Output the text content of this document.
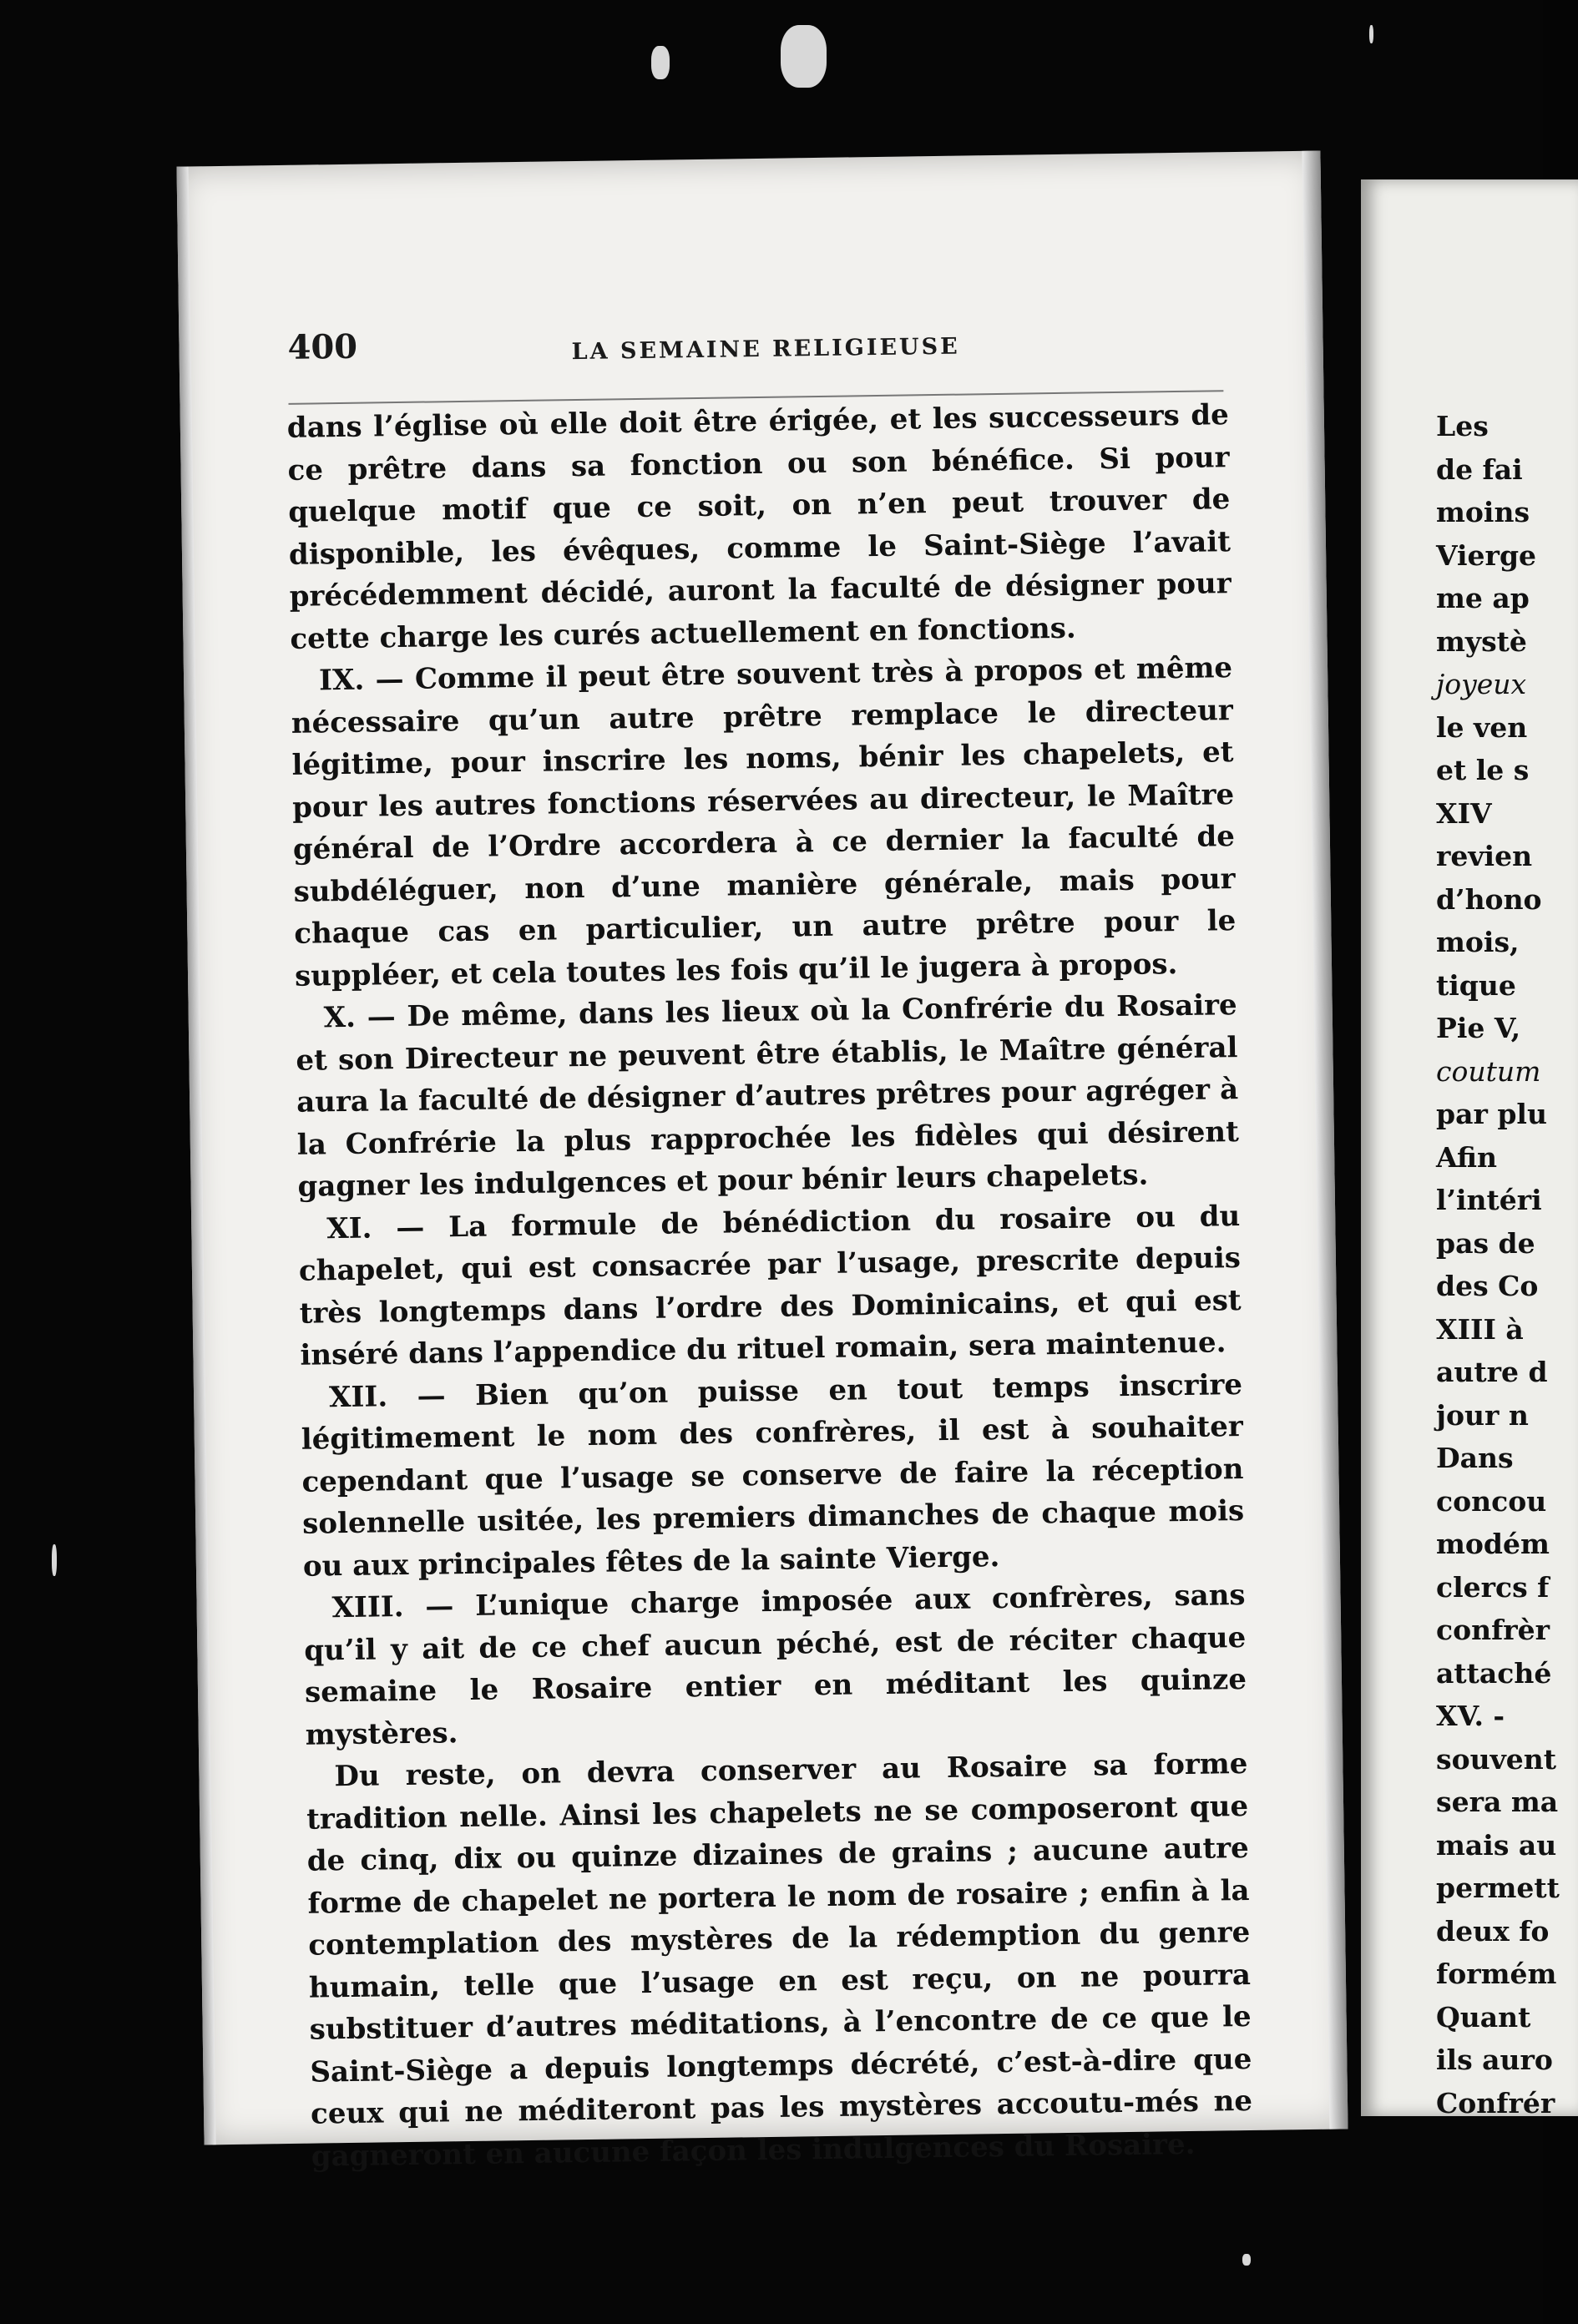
400	LA SEMAINE RELIGIEUSE

dans l’église où elle doit être érigée, et les successeurs de ce prêtre dans sa fonction ou son bénéfice. Si pour quelque motif que ce soit, on n’en peut trouver de disponible, les évêques, comme le Saint-Siège l’avait précédemment décidé, auront la faculté de désigner pour cette charge les curés actuellement en fonctions.

IX. — Comme il peut être souvent très à propos et même nécessaire qu’un autre prêtre remplace le directeur légitime, pour inscrire les noms, bénir les chapelets, et pour les autres fonctions réservées au directeur, le Maître général de l’Ordre accordera à ce dernier la faculté de subdéléguer, non d’une manière générale, mais pour chaque cas en particulier, un autre prêtre pour le suppléer, et cela toutes les fois qu’il le jugera à propos.

X. — De même, dans les lieux où la Confrérie du Rosaire et son Directeur ne peuvent être établis, le Maître général aura la faculté de désigner d’autres prêtres pour agréger à la Confrérie la plus rapprochée les fidèles qui désirent gagner les indulgences et pour bénir leurs chapelets.

XI. — La formule de bénédiction du rosaire ou du chapelet, qui est consacrée par l’usage, prescrite depuis très longtemps dans l’ordre des Dominicains, et qui est inséré dans l’appendice du rituel romain, sera maintenue.

XII. — Bien qu’on puisse en tout temps inscrire légitimement le nom des confrères, il est à souhaiter cependant que l’usage se conserve de faire la réception solennelle usitée, les premiers dimanches de chaque mois ou aux principales fêtes de la sainte Vierge.

XIII. — L’unique charge imposée aux confrères, sans qu’il y ait de ce chef aucun péché, est de réciter chaque semaine le Rosaire entier en méditant les quinze mystères.

Du reste, on devra conserver au Rosaire sa forme tradition nelle. Ainsi les chapelets ne se composeront que de cinq, dix ou quinze dizaines de grains ; aucune autre forme de chapelet ne portera le nom de rosaire ; enfin à la contemplation des mystères de la rédemption du genre humain, telle que l’usage en est reçu, on ne pourra substituer d’autres méditations, à l’encontre de ce que le Saint-Siège a depuis longtemps décrété, c’est-à-dire que ceux qui ne méditeront pas les mystères accoutu-més ne gagneront en aucune façon les indulgences du Rosaire.

Les
de fai
moins
Vierge
me ap
mystè
joyeux
le ven
et le s
XIV
revien
d’hono
mois,
tique
Pie V,
coutum
par plu
Afin
l’intéri
pas de
des Co
XIII à
autre d
jour n
Dans
concou
modém
clercs f
confrèr
attaché
XV. -
souvent
sera ma
mais au
permett
deux fo
formém
Quant
ils auro
Confrér
